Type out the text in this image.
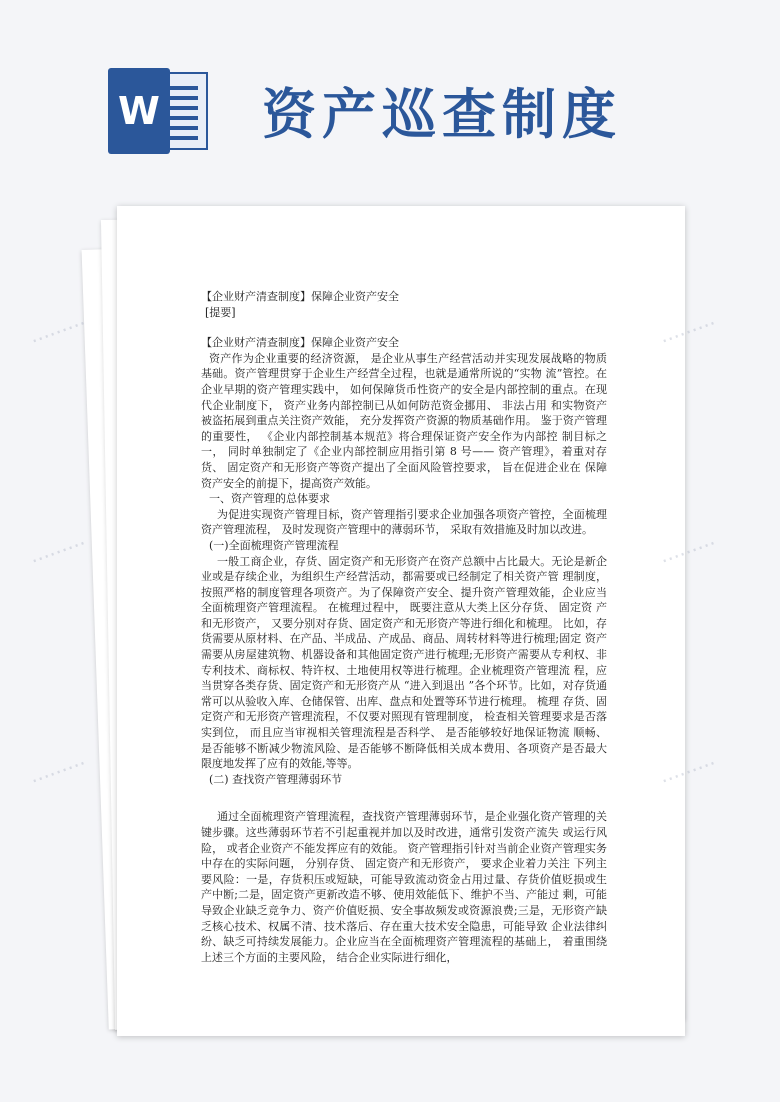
W 资产巡查制度

【企业财产清查制度】保障企业资产安全

[提要]

【企业财产清查制度】保障企业资产安全

资产作为企业重要的经济资源， 是企业从事生产经营活动并实现发展战略的物质基础。资产管理贯穿于企业生产经营全过程，也就是通常所说的“实物 流”管控。在企业早期的资产管理实践中， 如何保障货币性资产的安全是内部控制的重点。在现代企业制度下， 资产业务内部控制已从如何防范资金挪用、 非法占用 和实物资产被盗拓展到重点关注资产效能， 充分发挥资产资源的物质基础作用。 鉴于资产管理的重要性， 《企业内部控制基本规范》将合理保证资产安全作为内部控 制目标之一， 同时单独制定了《企业内部控制应用指引第 8 号—— 资产管理》，着重对存货、 固定资产和无形资产等资产提出了全面风险管控要求， 旨在促进企业在 保障资产安全的前提下，提高资产效能。

一、资产管理的总体要求

为促进实现资产管理目标，资产管理指引要求企业加强各项资产管控，全面梳理资产管理流程， 及时发现资产管理中的薄弱环节， 采取有效措施及时加以改进。

(一)全面梳理资产管理流程

一般工商企业，存货、固定资产和无形资产在资产总额中占比最大。无论是新企业或是存续企业，为组织生产经营活动，都需要或已经制定了相关资产管 理制度，按照严格的制度管理各项资产。为了保障资产安全、提升资产管理效能，企业应当全面梳理资产管理流程。 在梳理过程中， 既要注意从大类上区分存货、 固定资 产和无形资产， 又要分别对存货、固定资产和无形资产等进行细化和梳理。 比如，存货需要从原材料、在产品、半成品、产成品、商品、周转材料等进行梳理;固定 资产需要从房屋建筑物、机器设备和其他固定资产进行梳理;无形资产需要从专利权、非专利技术、商标权、特许权、土地使用权等进行梳理。企业梳理资产管理流 程，应当贯穿各类存货、固定资产和无形资产从 “进入到退出 ”各个环节。比如，对存货通常可以从验收入库、仓储保管、出库、盘点和处置等环节进行梳理。 梳理 存货、固定资产和无形资产管理流程，不仅要对照现有管理制度， 检查相关管理要求是否落实到位， 而且应当审视相关管理流程是否科学、 是否能够较好地保证物流 顺畅、是否能够不断减少物流风险、是否能够不断降低相关成本费用、各项资产是否最大限度地发挥了应有的效能,等等。

(二) 查找资产管理薄弱环节

通过全面梳理资产管理流程，查找资产管理薄弱环节，是企业强化资产管理的关键步骤。这些薄弱环节若不引起重视并加以及时改进，通常引发资产流失 或运行风险， 或者企业资产不能发挥应有的效能。 资产管理指引针对当前企业资产管理实务中存在的实际问题， 分别存货、 固定资产和无形资产， 要求企业着力关注 下列主要风险：一是，存货积压或短缺，可能导致流动资金占用过量、存货价值贬损或生产中断;二是，固定资产更新改造不够、使用效能低下、维护不当、产能过 剩，可能导致企业缺乏竞争力、资产价值贬损、安全事故频发或资源浪费;三是，无形资产缺乏核心技术、权属不清、技术落后、存在重大技术安全隐患，可能导致 企业法律纠纷、缺乏可持续发展能力。企业应当在全面梳理资产管理流程的基础上， 着重围绕上述三个方面的主要风险， 结合企业实际进行细化，

·········	·········
·········	·········
·········	·········
